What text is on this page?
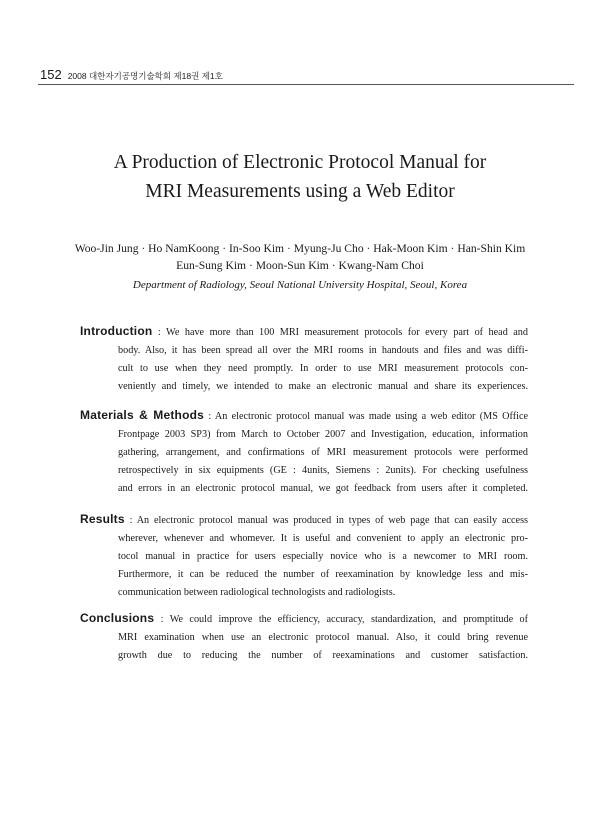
152 2008 대한자기공명기술학회 제18권 제1호
A Production of Electronic Protocol Manual for
MRI Measurements using a Web Editor
Woo-Jin Jung · Ho NamKoong · In-Soo Kim · Myung-Ju Cho · Hak-Moon Kim · Han-Shin Kim
Eun-Sung Kim · Moon-Sun Kim · Kwang-Nam Choi
Department of Radiology, Seoul National University Hospital, Seoul, Korea
Introduction : We have more than 100 MRI measurement protocols for every part of head and
body. Also, it has been spread all over the MRI rooms in handouts and files and was diffi-
cult to use when they need promptly. In order to use MRI measurement protocols con-
veniently and timely, we intended to make an electronic manual and share its experiences.
Materials & Methods : An electronic protocol manual was made using a web editor (MS Office
Frontpage 2003 SP3) from March to October 2007 and Investigation, education, information
gathering, arrangement, and confirmations of MRI measurement protocols were performed
retrospectively in six equipments (GE : 4units, Siemens : 2units). For checking usefulness
and errors in an electronic protocol manual, we got feedback from users after it completed.
Results : An electronic protocol manual was produced in types of web page that can easily access
wherever, whenever and whomever. It is useful and convenient to apply an electronic pro-
tocol manual in practice for users especially novice who is a newcomer to MRI room.
Furthermore, it can be reduced the number of reexamination by knowledge less and mis-
communication between radiological technologists and radiologists.
Conclusions : We could improve the efficiency, accuracy, standardization, and promptitude of
MRI examination when use an electronic protocol manual. Also, it could bring revenue
growth due to reducing the number of reexaminations and customer satisfaction.
